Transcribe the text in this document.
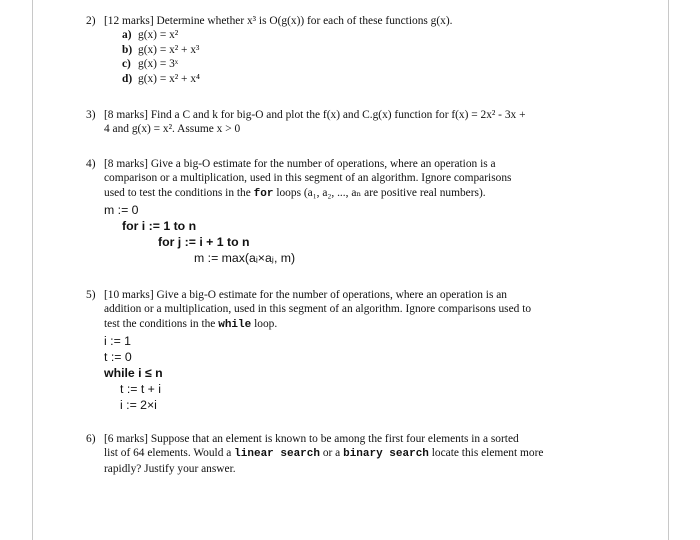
2) [12 marks] Determine whether x³ is O(g(x)) for each of these functions g(x).
a) g(x) = x²
b) g(x) = x² + x³
c) g(x) = 3ˣ
d) g(x) = x² + x⁴
3) [8 marks] Find a C and k for big-O and plot the f(x) and C.g(x) function for f(x) = 2x² - 3x +
4 and g(x) = x². Assume x > 0
4) [8 marks] Give a big-O estimate for the number of operations, where an operation is a
comparison or a multiplication, used in this segment of an algorithm. Ignore comparisons
used to test the conditions in the for loops (a₁, a₂, ..., aₙ are positive real numbers).
m := 0
for i := 1 to n
for j := i + 1 to n
m := max(aᵢ×aⱼ, m)
5) [10 marks] Give a big-O estimate for the number of operations, where an operation is an
addition or a multiplication, used in this segment of an algorithm. Ignore comparisons used to
test the conditions in the while loop.
i := 1
t := 0
while i ≤ n
t := t + i
i := 2×i
6) [6 marks] Suppose that an element is known to be among the first four elements in a sorted
list of 64 elements. Would a linear search or a binary search locate this element more
rapidly? Justify your answer.
